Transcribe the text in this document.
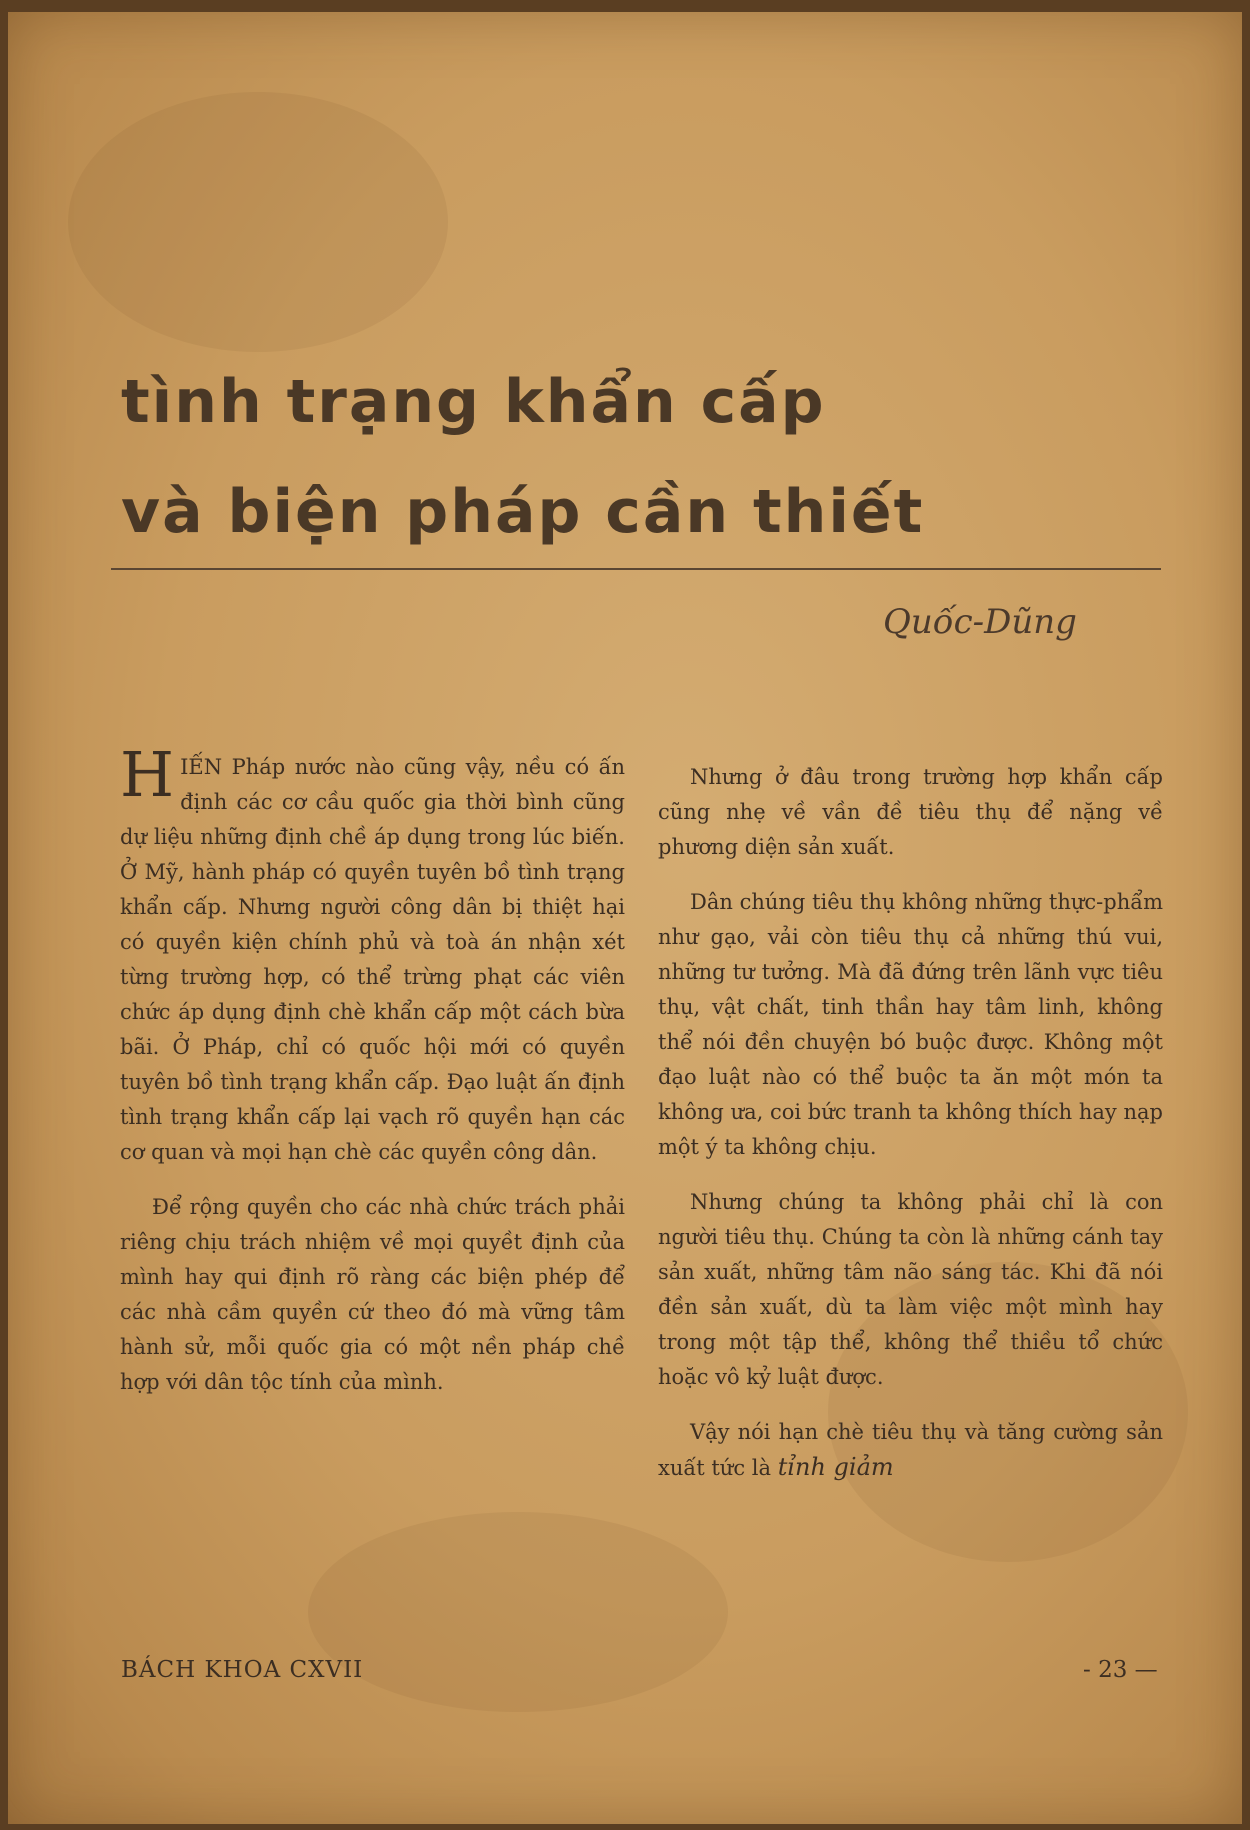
tình trạng khẩn cấp
và biện pháp cần thiết
Quốc-Dũng

HIẾN Pháp nước nào cũng vậy, nều có ấn định các cơ cầu quốc gia thời bình cũng dự liệu những định chề áp dụng trong lúc biến. Ở Mỹ, hành pháp có quyền tuyên bồ tình trạng khẩn cấp. Nhưng người công dân bị thiệt hại có quyền kiện chính phủ và toà án nhận xét từng trường hợp, có thể trừng phạt các viên chức áp dụng định chè khẩn cấp một cách bừa bãi. Ở Pháp, chỉ có quốc hội mới có quyền tuyên bồ tình trạng khẩn cấp. Đạo luật ấn định tình trạng khẩn cấp lại vạch rõ quyền hạn các cơ quan và mọi hạn chè các quyền công dân.

Để rộng quyền cho các nhà chức trách phải riêng chịu trách nhiệm về mọi quyềt định của mình hay qui định rõ ràng các biện phép để các nhà cầm quyền cứ theo đó mà vững tâm hành sử, mỗi quốc gia có một nền pháp chề hợp với dân tộc tính của mình.

Nhưng ở đâu trong trường hợp khẩn cấp cũng nhẹ về vần đề tiêu thụ để nặng về phương diện sản xuất.

Dân chúng tiêu thụ không những thực-phẩm như gạo, vải còn tiêu thụ cả những thú vui, những tư tưởng. Mà đã đứng trên lãnh vực tiêu thụ, vật chất, tinh thần hay tâm linh, không thể nói đền chuyện bó buộc được. Không một đạo luật nào có thể buộc ta ăn một món ta không ưa, coi bức tranh ta không thích hay nạp một ý ta không chịu.

Nhưng chúng ta không phải chỉ là con người tiêu thụ. Chúng ta còn là những cánh tay sản xuất, những tâm não sáng tác. Khi đã nói đền sản xuất, dù ta làm việc một mình hay trong một tập thể, không thể thiều tổ chức hoặc vô kỷ luật được.

Vậy nói hạn chè tiêu thụ và tăng cường sản xuất tức là tỉnh giảm

BÁCH KHOA CXVII	- 23 —
